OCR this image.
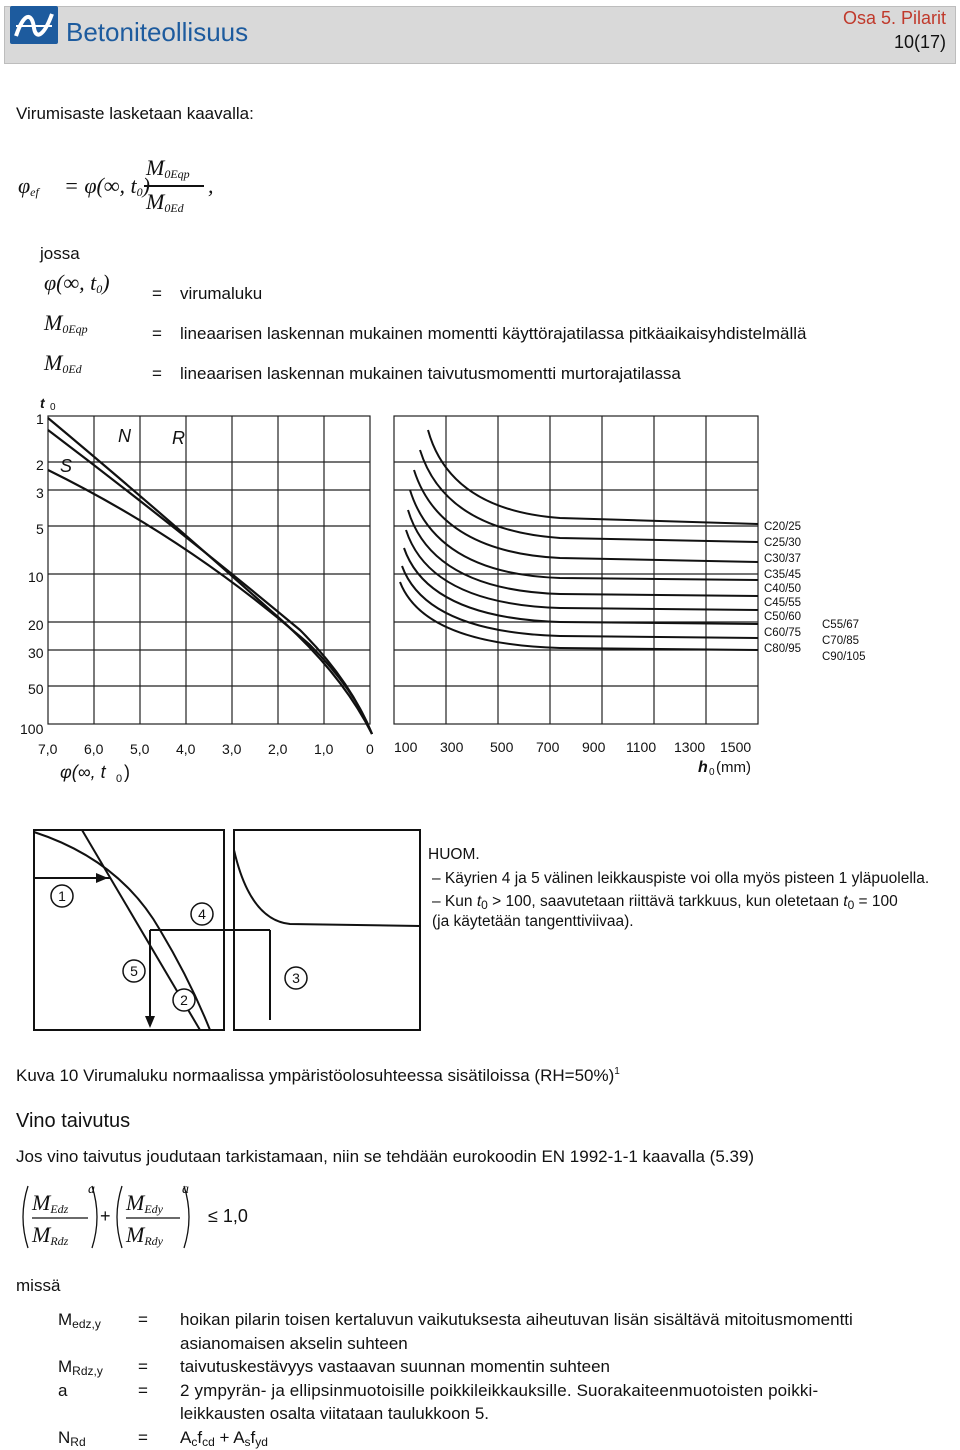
Betoniteollisuus	Osa 5. Pilarit
10(17)
Virumisaste lasketaan kaavalla:
$\varphi_{ef} = \varphi(\infty$, $t_0$
$M_{0Eqp}$
$M_{0Ed}$
,
jossa
φ(∞, $t_0$) = virumaluku
$M_{0Eqp}$	= lineaarisen laskennan mukainen momentti käyttörajatilassa pitkäaikaisyhdistelmällä
$M_{0Ed}$	= lineaarisen laskennan mukainen taivutusmomentti murtorajatilassa
t 0
1
2
3
5
10
20
30
50
100
7,0 6,0 5,0 4,0 3,0 2,0 1,0 0
φ(∞, t 0 )
100 300 500 700 900 1100 1300 1500
h 0 (mm)
N R
S
C20/25
C25/30
C30/37
C35/45
C40/50
C45/55
C50/60
C60/75
C80/95
C55/67
C70/85
C90/105
1
2
3
4
5
HUOM.
– Käyrien 4 ja 5 välinen leikkauspiste voi olla myös pisteen 1 yläpuolella.
– Kun $t_0 > 100$, saavutetaan riittävä tarkkuus, kun oletetaan $t_0 = 100$
(ja käytetään tangenttiviivaa).
Kuva 10 Virumaluku normaalissa ympäristöolosuhteessa sisätiloissa (RH=50%)$^1$
Vino taivutus
Jos vino taivutus joudutaan tarkistamaan, niin se tehdään eurokoodin EN 1992-1-1 kaavalla (5.39)
$M_{Edz}$
$M_{Rdz}$
a
+
$M_{Edy}$
$M_{Rdy}$
a
≤ 1,0
missä
$M_{edz,y}$ = hoikan pilarin toisen kertaluvun vaikutuksesta aiheutuvan lisän sisältävä mitoitusmomentti
asianomaisen akselin suhteen
$M_{Rdz,y}$ = taivutuskestävyys vastaavan suunnan momentin suhteen
a	= 2 ympyrän- ja ellipsinmuotoisille poikkileikkauksille. Suorakaiteenmuotoisten poikki-
leikkausten osalta viitataan taulukkoon 5.
$N_{Rd}$	= $A_cf_{cd} + A_sf_{yd}$
